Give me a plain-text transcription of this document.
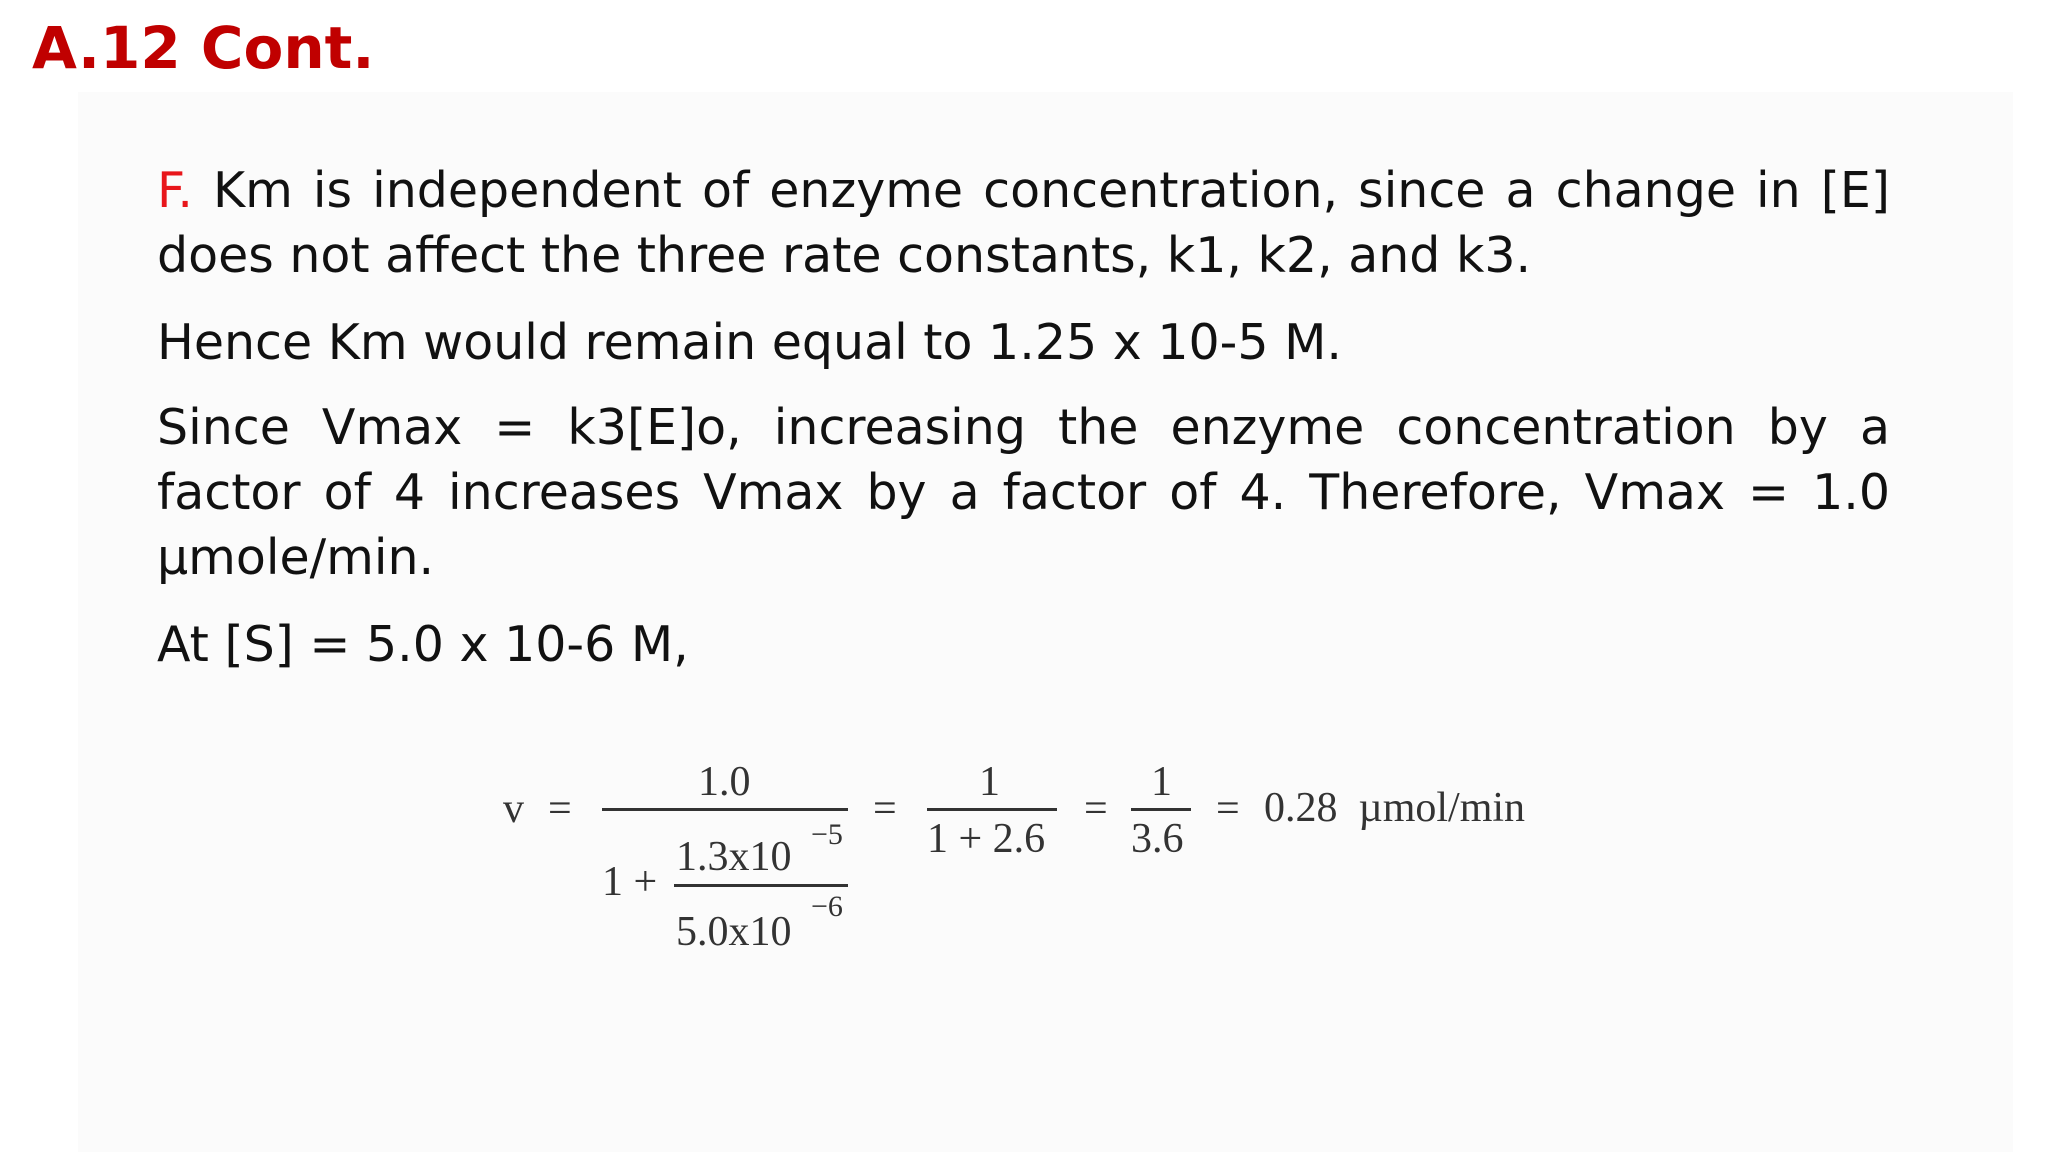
A.12 Cont.

F. Km is independent of enzyme concentration, since a change in [E] does not affect the three rate constants, k1, k2, and k3.

Hence Km would remain equal to 1.25 x 10-5 M.

Since Vmax = k3[E]o, increasing the enzyme concentration by a factor of 4 increases Vmax by a factor of 4. Therefore, Vmax = 1.0 µmole/min.

At [S] = 5.0 x 10-6 M,

v =
1.0
1 +
1.3x10 −5
5.0x10
−6
=
1
1 + 2.6
=
1
3.6
= 0.28  µmol/min
